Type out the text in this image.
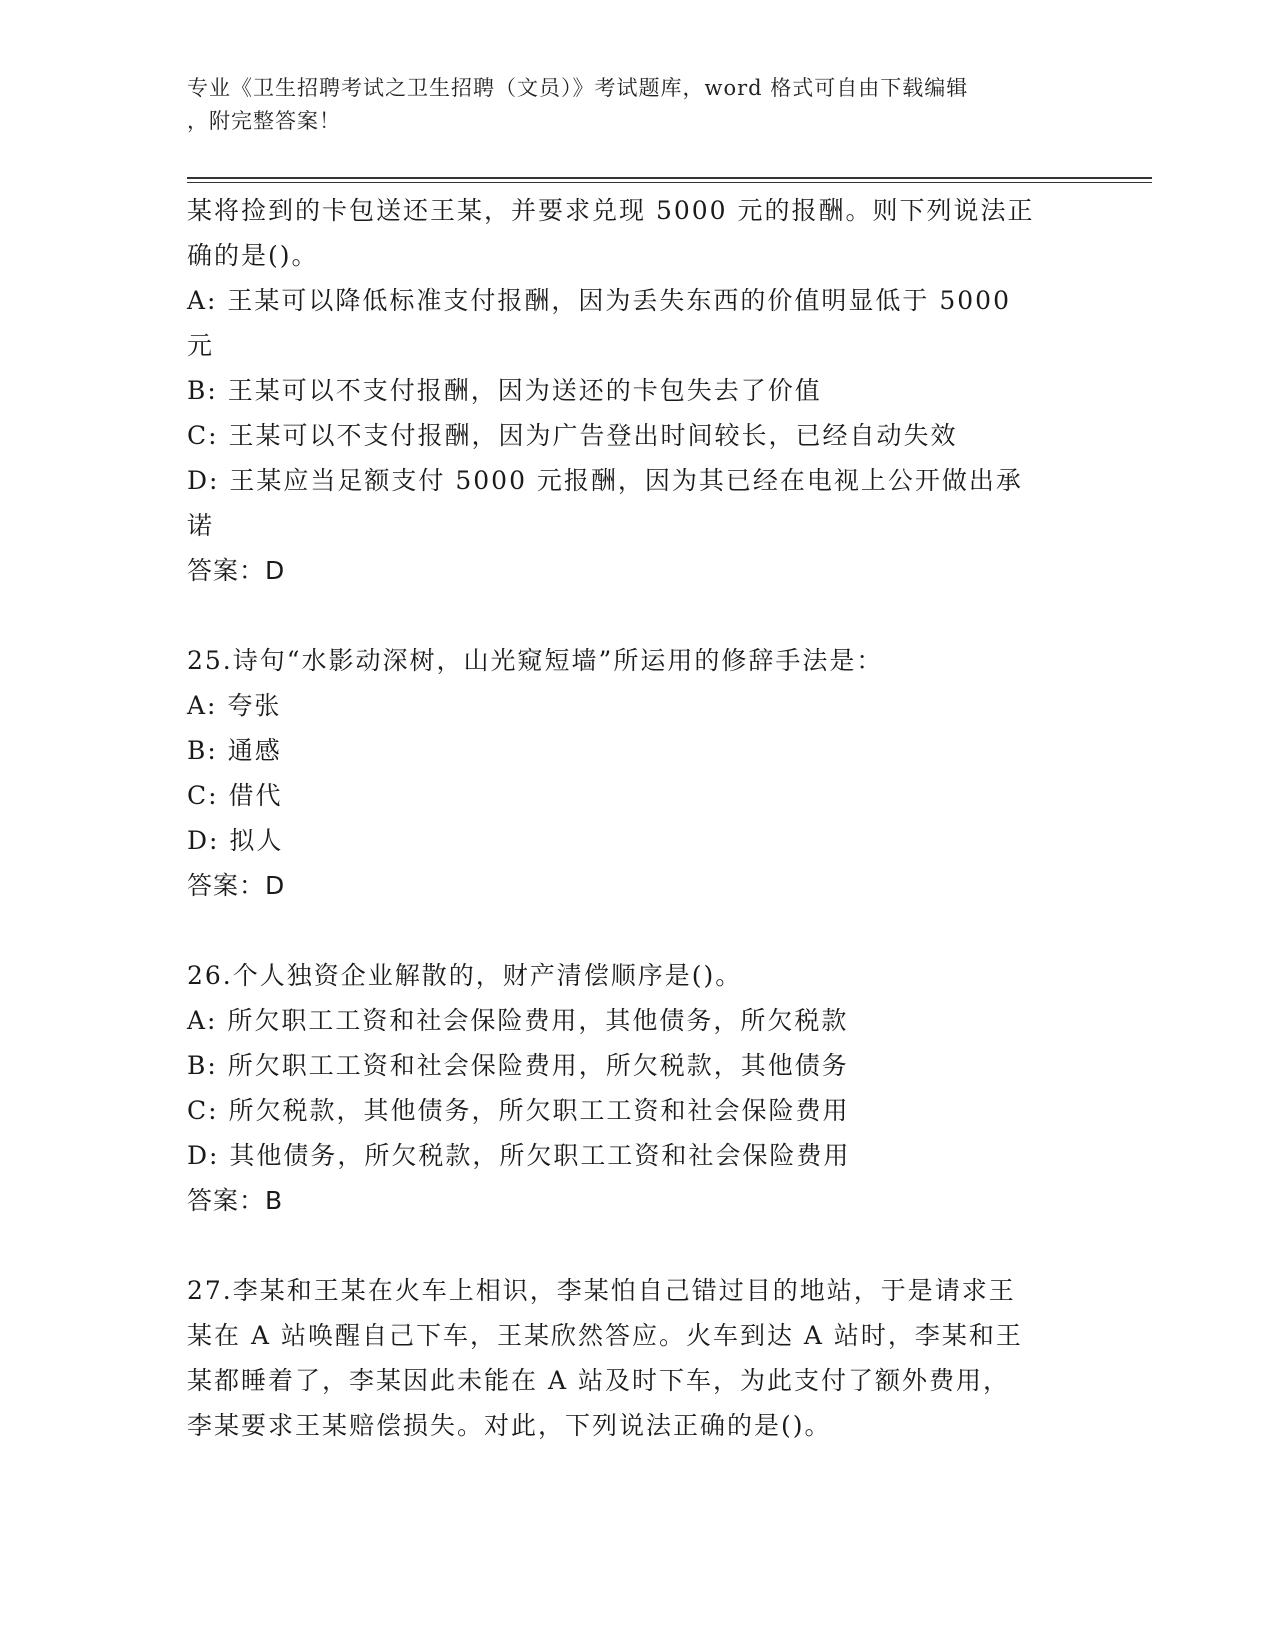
专业《卫生招聘考试之卫生招聘（文员）》考试题库，word 格式可自由下载编辑
，附完整答案！

某将捡到的卡包送还王某，并要求兑现 5000 元的报酬。则下列说法正

确的是()。

A: 王某可以降低标准支付报酬，因为丢失东西的价值明显低于 5000

元

B: 王某可以不支付报酬，因为送还的卡包失去了价值

C: 王某可以不支付报酬，因为广告登出时间较长，已经自动失效

D: 王某应当足额支付 5000 元报酬，因为其已经在电视上公开做出承

诺

答案：D

25.诗句“水影动深树，山光窥短墙”所运用的修辞手法是：

A: 夸张

B: 通感

C: 借代

D: 拟人

答案：D

26.个人独资企业解散的，财产清偿顺序是()。

A: 所欠职工工资和社会保险费用，其他债务，所欠税款

B: 所欠职工工资和社会保险费用，所欠税款，其他债务

C: 所欠税款，其他债务，所欠职工工资和社会保险费用

D: 其他债务，所欠税款，所欠职工工资和社会保险费用

答案：B

27.李某和王某在火车上相识，李某怕自己错过目的地站，于是请求王

某在 A 站唤醒自己下车，王某欣然答应。火车到达 A 站时，李某和王

某都睡着了，李某因此未能在 A 站及时下车，为此支付了额外费用，

李某要求王某赔偿损失。对此，下列说法正确的是()。
